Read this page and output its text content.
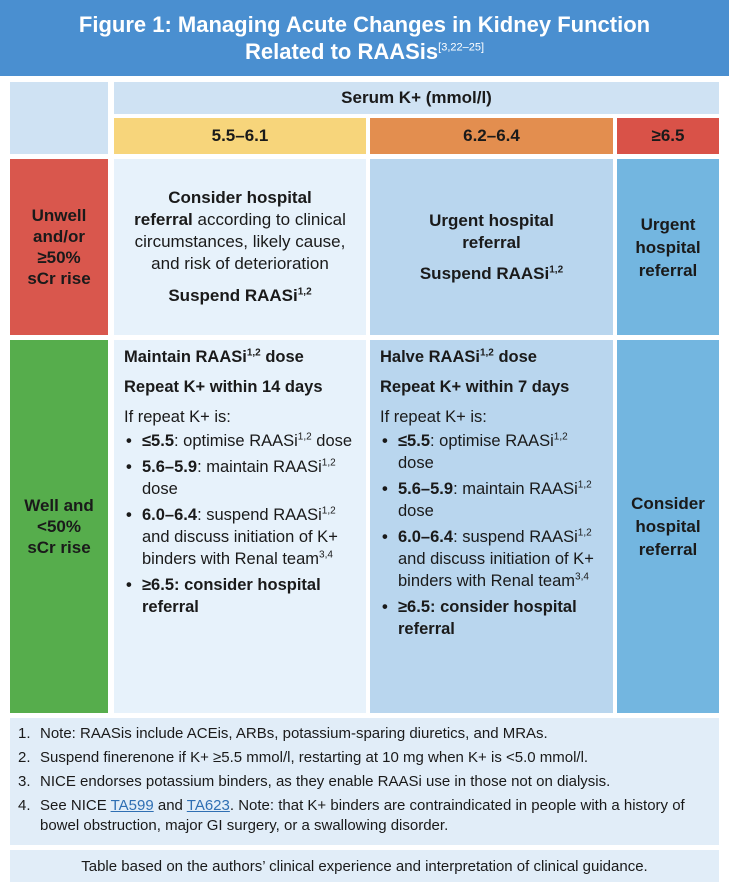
Figure 1: Managing Acute Changes in Kidney Function
Related to RAASis[3,22–25]
Serum K+ (mmol/l)
5.5–6.1	6.2–6.4	≥6.5
Unwell
and/or
≥50%
sCr rise
Well and
<50%
sCr rise
Consider hospital
referral according to clinical circumstances, likely cause, and risk of deterioration
Suspend RAASi$^{1,2}$
Urgent hospital
referral
Suspend RAASi$^{1,2}$
Urgent
hospital
referral
Maintain RAASi$^{1,2}$ dose
Repeat K+ within 14 days
If repeat K+ is:
• ≤5.5: optimise RAASi$^{1,2}$ dose
• 5.6–5.9: maintain RAASi$^{1,2}$ dose
• 6.0–6.4: suspend RAASi$^{1,2}$ and discuss initiation of K+ binders with Renal team$^{3,4}$
• ≥6.5: consider hospital referral
Halve RAASi$^{1,2}$ dose
Repeat K+ within 7 days
If repeat K+ is:
• ≤5.5: optimise RAASi$^{1,2}$ dose
• 5.6–5.9: maintain RAASi$^{1,2}$ dose
• 6.0–6.4: suspend RAASi$^{1,2}$ and discuss initiation of K+ binders with Renal team$^{3,4}$
• ≥6.5: consider hospital referral
Consider
hospital
referral
1. Note: RAASis include ACEis, ARBs, potassium-sparing diuretics, and MRAs.
2. Suspend finerenone if K+ ≥5.5 mmol/l, restarting at 10 mg when K+ is <5.0 mmol/l.
3. NICE endorses potassium binders, as they enable RAASi use in those not on dialysis.
4. See NICE TA599 and TA623. Note: that K+ binders are contraindicated in people with a history of bowel obstruction, major GI surgery, or a swallowing disorder.
Table based on the authors’ clinical experience and interpretation of clinical guidance.
